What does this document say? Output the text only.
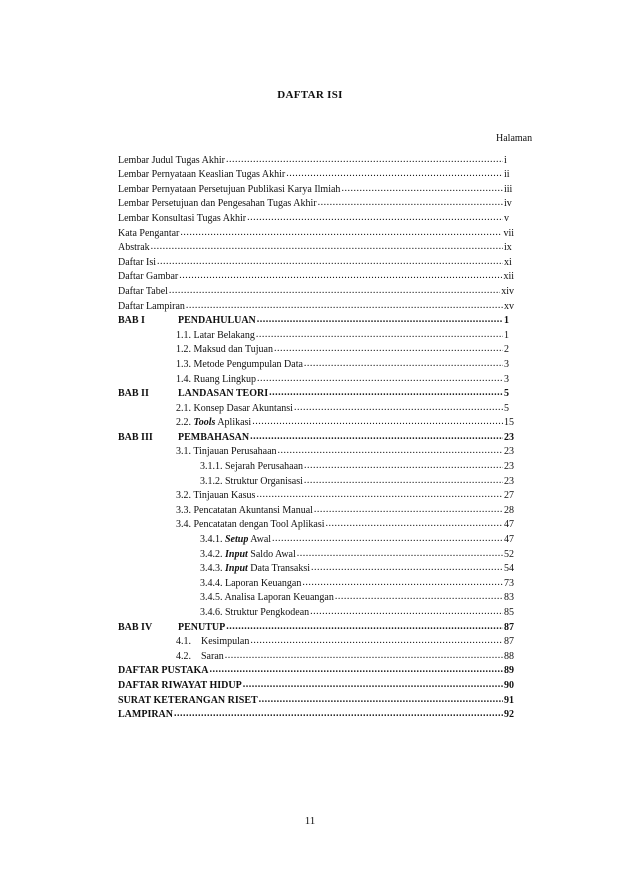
DAFTAR ISI
Halaman
Lembar Judul Tugas Akhir .....	i
Lembar Pernyataan Keaslian Tugas Akhir .....	ii
Lembar Pernyataan Persetujuan Publikasi Karya Ilmiah .....	iii
Lembar Persetujuan dan Pengesahan Tugas Akhir .....	iv
Lembar Konsultasi Tugas Akhir .....	v
Kata Pengantar .....	vii
Abstrak .....	ix
Daftar Isi .....	xi
Daftar Gambar .....	xii
Daftar Tabel .....	xiv
Daftar Lampiran .....	xv
BAB I	PENDAHULUAN .....	1
1.1. Latar Belakang .....	1
1.2. Maksud dan Tujuan .....	2
1.3. Metode Pengumpulan Data .....	3
1.4. Ruang Lingkup .....	3
BAB II	LANDASAN TEORI .....	5
2.1. Konsep Dasar Akuntansi .....	5
2.2. Tools Aplikasi .....	15
BAB III	PEMBAHASAN .....	23
3.1. Tinjauan Perusahaan .....	23
3.1.1. Sejarah Perusahaan .....	23
3.1.2. Struktur Organisasi .....	23
3.2. Tinjauan Kasus .....	27
3.3. Pencatatan Akuntansi Manual .....	28
3.4. Pencatatan dengan Tool Aplikasi .....	47
3.4.1. Setup Awal .....	47
3.4.2. Input Saldo Awal .....	52
3.4.3. Input Data Transaksi .....	54
3.4.4. Laporan Keuangan .....	73
3.4.5. Analisa Laporan Keuangan .....	83
3.4.6. Struktur Pengkodean .....	85
BAB IV	PENUTUP .....	87
4.1.    Kesimpulan .....	87
4.2.    Saran .....	88
DAFTAR PUSTAKA .....	89
DAFTAR RIWAYAT HIDUP .....	90
SURAT KETERANGAN RISET .....	91
LAMPIRAN .....	92
11
